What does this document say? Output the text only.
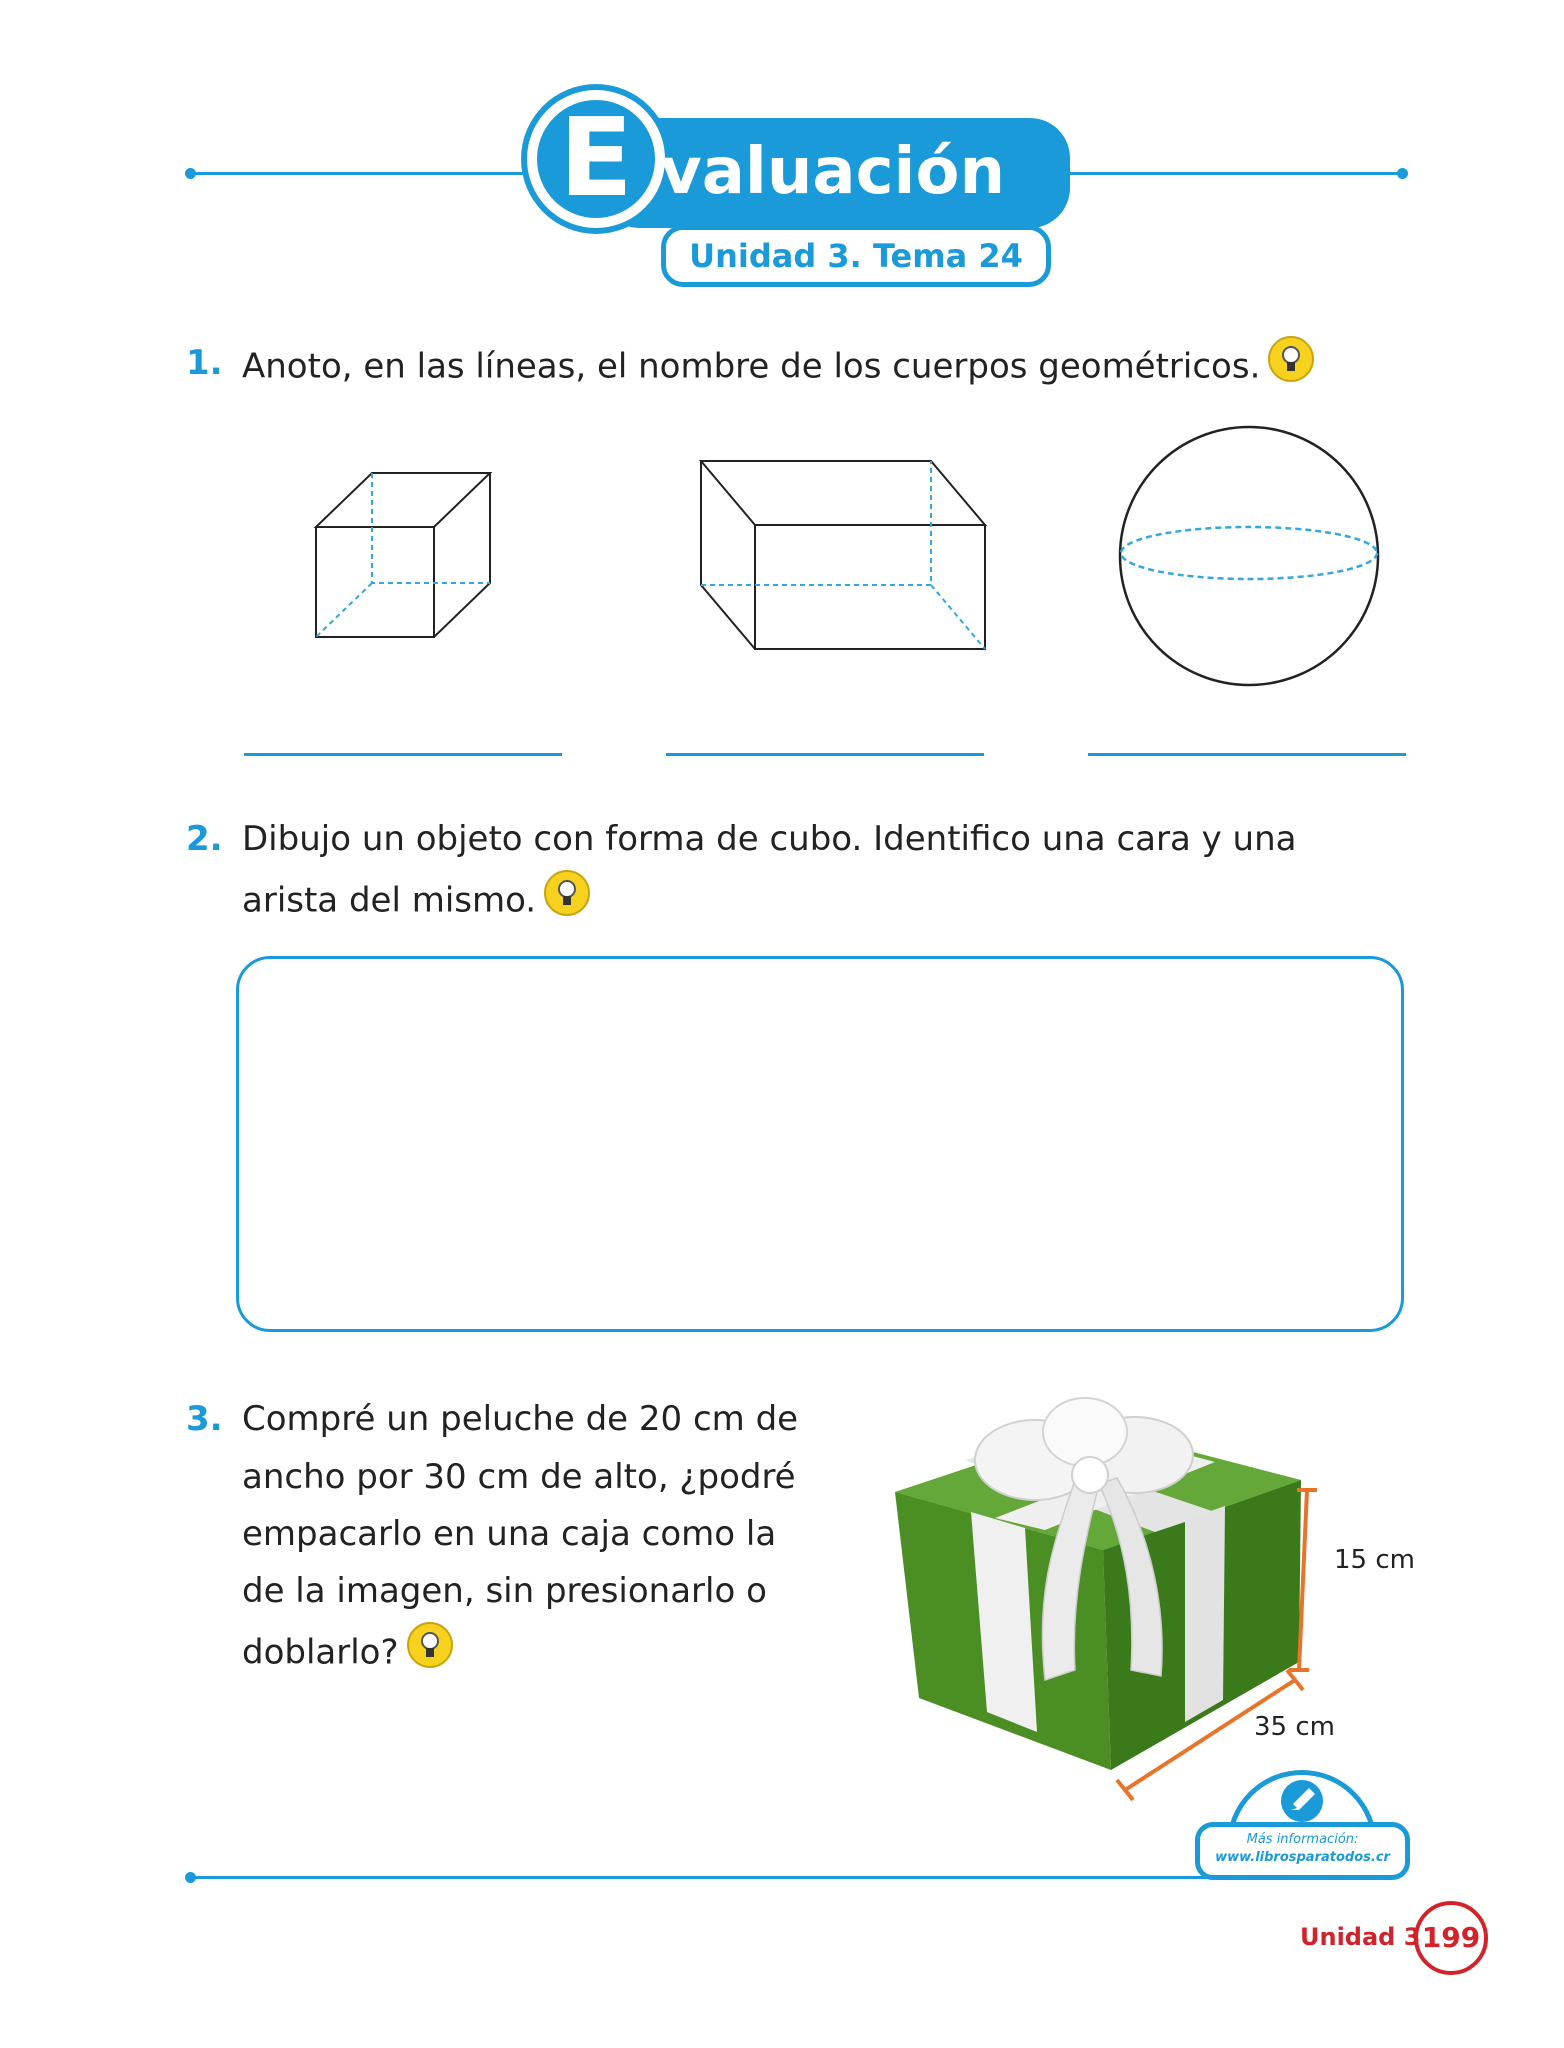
Unidad 3. Tema 24
E valuación
1. Anoto, en las líneas, el nombre de los cuerpos geométricos.
2. Dibujo un objeto con forma de cubo. Identifico una cara y una
arista del mismo.
3. Compré un peluche de 20 cm de
ancho por 30 cm de alto, ¿podré
empacarlo en una caja como la
de la imagen, sin presionarlo o
doblarlo?
15 cm
35 cm
Más información:
www.librosparatodos.cr
Unidad 3 199
